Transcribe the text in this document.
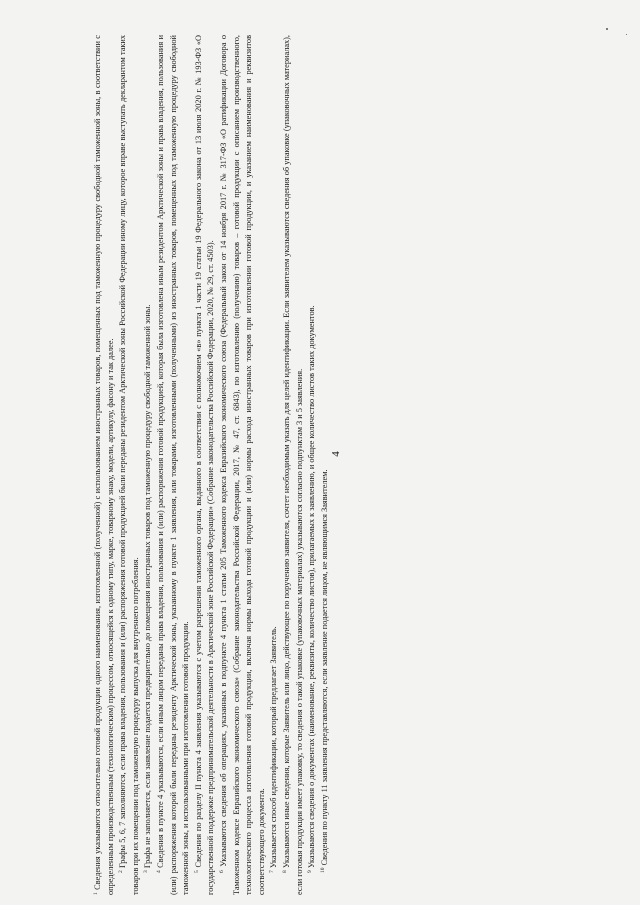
$^1$ Сведения указываются относительно готовой продукции одного наименования, изготовленной (полученной) с использованием иностранных товаров, помещенных под таможенную процедуру свободной таможенной зоны, в соответствии с определенным производственным (технологическим) процессом, относящейся к одному типу, марке, товарному знаку, модели, артикулу, фасону и так далее. $^2$ Графы 5, 6, 7 заполняются, если права владения, пользования и (или) распоряжения готовой продукцией были переданы резидентом Арктической зоны Российской Федерации иному лицу, которое вправе выступать декларантом таких товаров при их помещении под таможенную процедуру выпуска для внутреннего потребления. $^3$ Графа не заполняется, если заявление подается предварительно до помещения иностранных товаров под таможенную процедуру свободной таможенной зоны.

$^4$ Сведения в пункте 4 указываются, если иным лицом переданы права владения, пользования и (или) распоряжения готовой продукцией, которая была изготовлена иным резидентом Арктической зоны и права владения, пользования и (или) распоряжения которой были переданы резиденту Арктической зоны, указанному в пункте 1 заявления, или товарами, изготовленными (полученными) из иностранных товаров, помещенных под таможенную процедуру свободной таможенной зоны, и использованными при изготовлении готовой продукции. $^5$ Сведения по разделу II пункта 4 заявления указываются с учетом разрешения таможенного органа, выданного в соответствии с полномочием «в» пункта 1 части 19 статьи 19 Федерального закона от 13 июля 2020 г. № 193-ФЗ «О государственной поддержке предпринимательской деятельности в Арктической зоне Российской Федерации» (Собрание законодательства Российской Федерации, 2020, № 29, ст. 4503). $^6$ Указываются сведения об операциях, указанных в подпункте 4 пункта 1 статьи 205 Таможенного кодекса Евразийского экономического союза (Федеральный закон от 14 ноября 2017 г. № 317-ФЗ «О ратификации Договора о Таможенном кодексе Евразийского экономического союза» (Собрание законодательства Российской Федерации, 2017, № 47, ст. 6843), по изготовлению (получению) товаров – готовой продукции с описанием производственного, технологического процесса изготовления готовой продукции, включая нормы выхода готовой продукции и (или) нормы расхода иностранных товаров при изготовлении готовой продукции, и указанием наименования и реквизитов соответствующего документа. $^7$ Указывается способ идентификации, который предлагает Заявитель.

$^8$ Указываются иные сведения, которые Заявитель или лицо, действующее по поручению заявителя, сочтет необходимым указать для целей идентификации. Если заявителем указываются сведения об упаковке (упаковочных материалах), если готовая продукция имеет упаковку, то сведения о такой упаковке (упаковочных материалах) указываются согласно подпунктам 3 и 5 заявления. $^9$ Указываются сведения о документах (наименование, реквизиты, количество листов), прилагаемых к заявлению, и общее количество листов таких документов.

$^{10}$ Сведения по пункту 11 заявления представляются, если заявление подается лицом, не являющимся Заявителем.

4
